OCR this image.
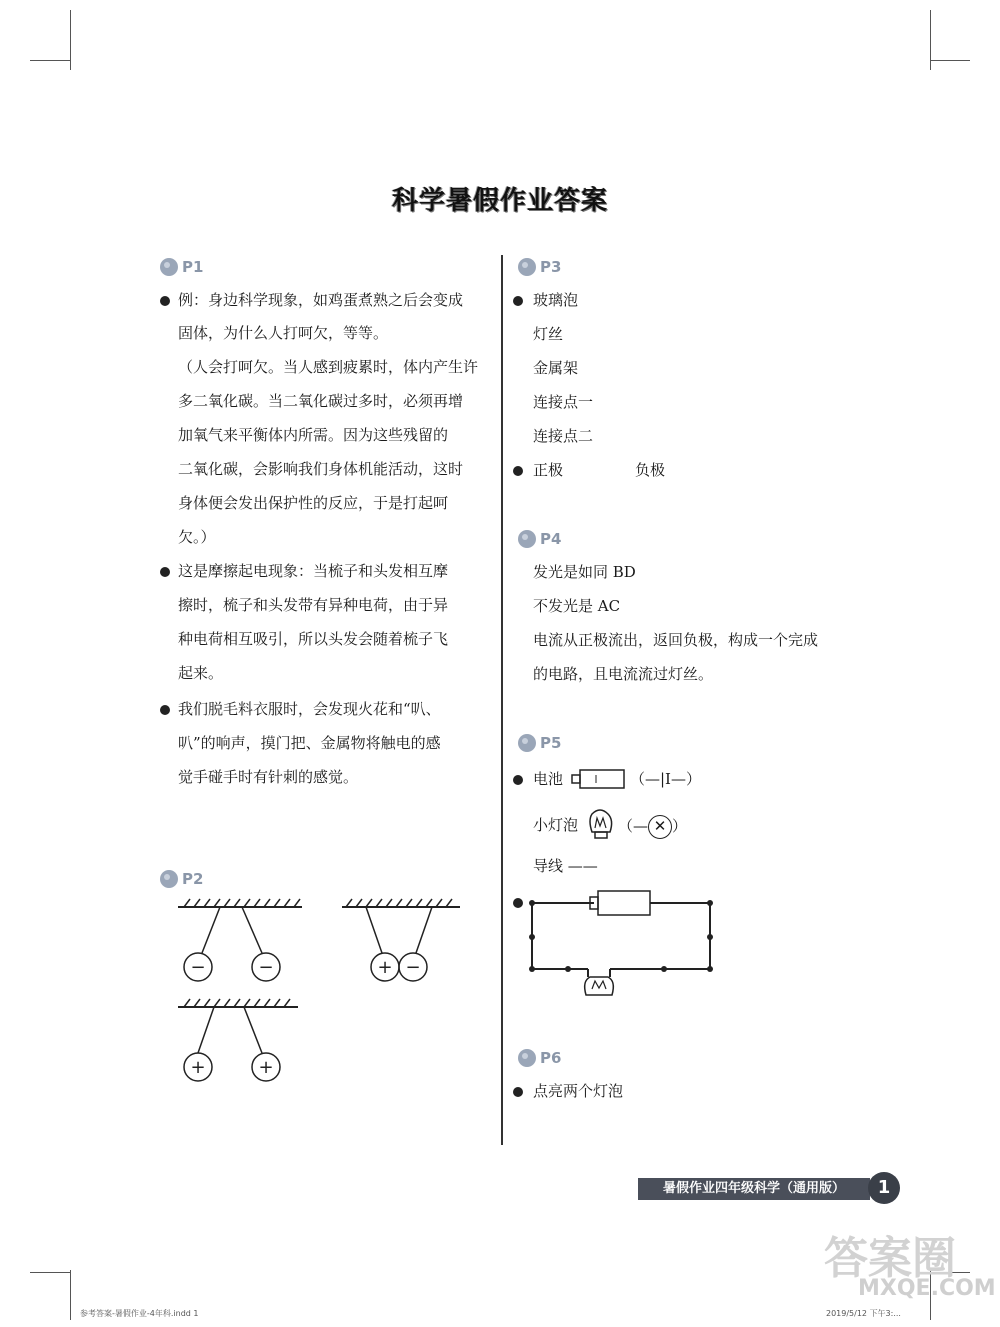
科学暑假作业答案
P1
例：身边科学现象，如鸡蛋煮熟之后会变成
固体，为什么人打呵欠，等等。
（人会打呵欠。当人感到疲累时，体内产生许
多二氧化碳。当二氧化碳过多时，必须再增
加氧气来平衡体内所需。因为这些残留的
二氧化碳，会影响我们身体机能活动，这时
身体便会发出保护性的反应，于是打起呵
欠。）
这是摩擦起电现象：当梳子和头发相互摩
擦时，梳子和头发带有异种电荷，由于异
种电荷相互吸引，所以头发会随着梳子飞
起来。
我们脱毛料衣服时，会发现火花和“叭、
叭”的响声，摸门把、金属物将触电的感
觉手碰手时有针刺的感觉。
P2
−	−	+ −
+	+
P3
玻璃泡
灯丝
金属架
连接点一
连接点二
正极	负极
P4
发光是如同 BD
不发光是 AC
电流从正极流出，返回负极，构成一个完成
的电路，且电流流过灯丝。
P5
电池	（—|I—）
小灯泡	（— ✕ ）
导线 ——
P6
点亮两个灯泡
暑假作业四年级科学（通用版）	1
参考答案-暑假作业-4年科.indd 1	2019/5/12 下午3:...
答案圈
MXQE.COM
